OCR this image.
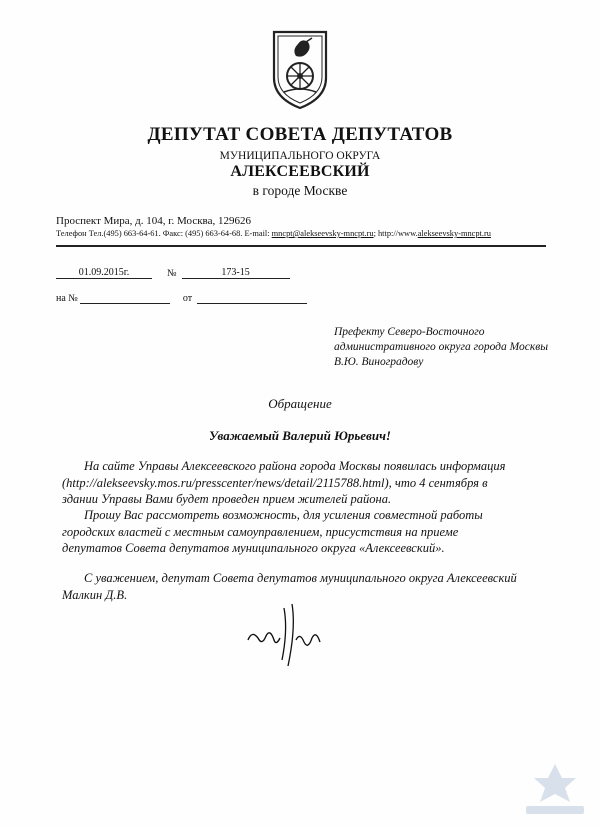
ДЕПУТАТ СОВЕТА ДЕПУТАТОВ
МУНИЦИПАЛЬНОГО ОКРУГА
АЛЕКСЕЕВСКИЙ
в городе Москве
Проспект Мира, д. 104, г. Москва, 129626
Телефон Тел.(495) 663-64-61. Факс: (495) 663-64-68. E-mail: mncpt@alekseevsky-mncpt.ru; http://www.alekseevsky-mncpt.ru
01.09.2015г.	№	173-15
на №	от
Префекту Северо-Восточного
административного округа города Москвы
В.Ю. Виноградову
Обращение
Уважаемый Валерий Юрьевич!
На сайте Управы Алексеевского района города Москвы появилась информация
(http://alekseevsky.mos.ru/presscenter/news/detail/2115788.html), что 4 сентября в
здании Управы Вами будет проведен прием жителей района.
Прошу Вас рассмотреть возможность, для усиления совместной работы
городских властей с местным самоуправлением, присустствия на приеме
депутатов Совета депутатов муниципального округа «Алексеевский».
С уважением, депутат Совета депутатов муниципального округа Алексеевский
Малкин Д.В.
